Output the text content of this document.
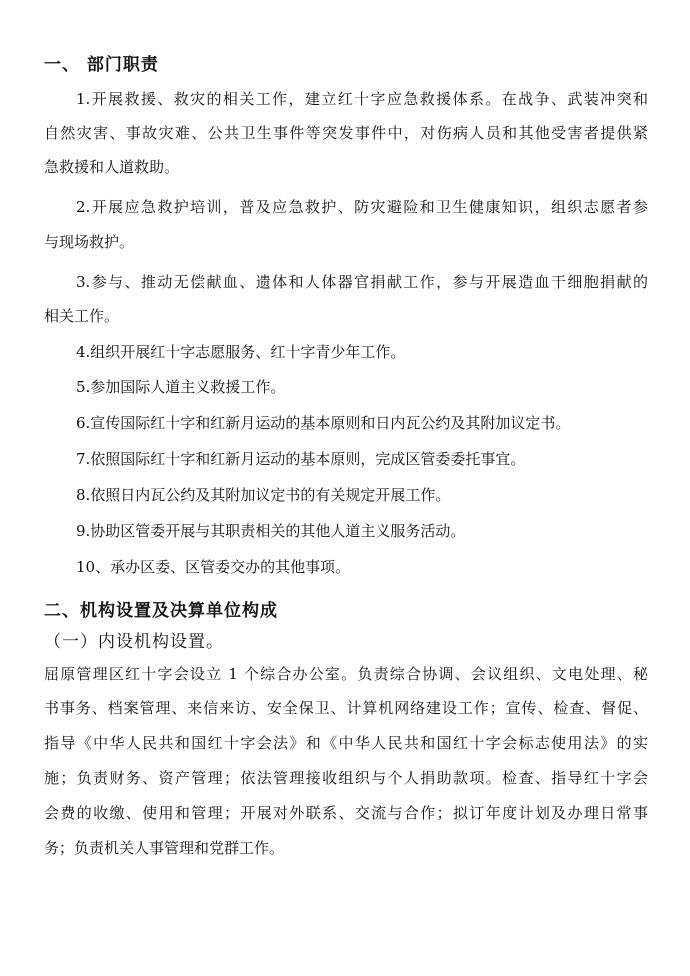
一、 部门职责
1.开展救援、救灾的相关工作，建立红十字应急救援体系。在战争、武装冲突和
自然灾害、事故灾难、公共卫生事件等突发事件中，对伤病人员和其他受害者提供紧
急救援和人道救助。
2.开展应急救护培训，普及应急救护、防灾避险和卫生健康知识，组织志愿者参
与现场救护。
3.参与、推动无偿献血、遗体和人体器官捐献工作，参与开展造血干细胞捐献的
相关工作。
4.组织开展红十字志愿服务、红十字青少年工作。
5.参加国际人道主义救援工作。
6.宣传国际红十字和红新月运动的基本原则和日内瓦公约及其附加议定书。
7.依照国际红十字和红新月运动的基本原则，完成区管委委托事宜。
8.依照日内瓦公约及其附加议定书的有关规定开展工作。
9.协助区管委开展与其职责相关的其他人道主义服务活动。
10、承办区委、区管委交办的其他事项。
二、机构设置及决算单位构成
（一）内设机构设置。
屈原管理区红十字会设立 1 个综合办公室。负责综合协调、会议组织、文电处理、秘
书事务、档案管理、来信来访、安全保卫、计算机网络建设工作；宣传、检查、督促、
指导《中华人民共和国红十字会法》和《中华人民共和国红十字会标志使用法》的实
施；负责财务、资产管理；依法管理接收组织与个人捐助款项。检查、指导红十字会
会费的收缴、使用和管理；开展对外联系、交流与合作；拟订年度计划及办理日常事
务；负责机关人事管理和党群工作。
